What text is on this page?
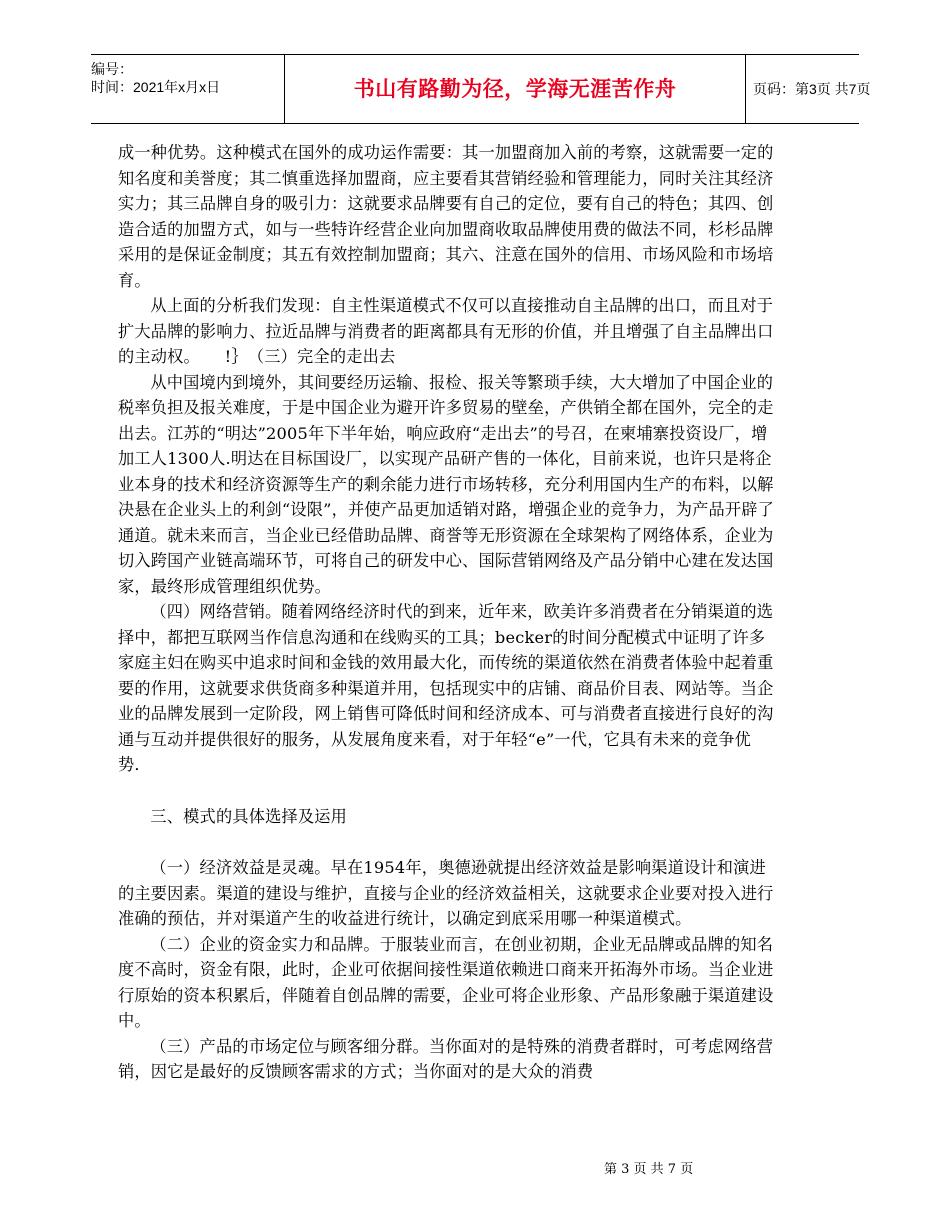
编号：
时间：2021年x月x日	书山有路勤为径，学海无涯苦作舟	页码：第3页 共7页

成一种优势。这种模式在国外的成功运作需要：其一加盟商加入前的考察，这就需要一定的知名度和美誉度；其二慎重选择加盟商，应主要看其营销经验和管理能力，同时关注其经济实力；其三品牌自身的吸引力：这就要求品牌要有自己的定位，要有自己的特色；其四、创造合适的加盟方式，如与一些特许经营企业向加盟商收取品牌使用费的做法不同，杉杉品牌采用的是保证金制度；其五有效控制加盟商；其六、注意在国外的信用、市场风险和市场培育。

从上面的分析我们发现：自主性渠道模式不仅可以直接推动自主品牌的出口，而且对于扩大品牌的影响力、拉近品牌与消费者的距离都具有无形的价值，并且增强了自主品牌出口的主动权。　　!｝　（三）完全的走出去

从中国境内到境外，其间要经历运输、报检、报关等繁琐手续，大大增加了中国企业的税率负担及报关难度，于是中国企业为避开许多贸易的壁垒，产供销全都在国外，完全的走出去。江苏的“明达”2005年下半年始，响应政府“走出去”的号召，在柬埔寨投资设厂，增加工人1300人.明达在目标国设厂，以实现产品研产售的一体化，目前来说，也许只是将企业本身的技术和经济资源等生产的剩余能力进行市场转移，充分利用国内生产的布料，以解决悬在企业头上的利剑“设限”，并使产品更加适销对路，增强企业的竞争力，为产品开辟了通道。就未来而言，当企业已经借助品牌、商誉等无形资源在全球架构了网络体系，企业为切入跨国产业链高端环节，可将自己的研发中心、国际营销网络及产品分销中心建在发达国家，最终形成管理组织优势。

（四）网络营销。随着网络经济时代的到来，近年来，欧美许多消费者在分销渠道的选择中，都把互联网当作信息沟通和在线购买的工具；becker的时间分配模式中证明了许多家庭主妇在购买中追求时间和金钱的效用最大化，而传统的渠道依然在消费者体验中起着重要的作用，这就要求供货商多种渠道并用，包括现实中的店铺、商品价目表、网站等。当企业的品牌发展到一定阶段，网上销售可降低时间和经济成本、可与消费者直接进行良好的沟通与互动并提供很好的服务，从发展角度来看，对于年轻“e”一代，它具有未来的竞争优势．

三、模式的具体选择及运用

（一）经济效益是灵魂。早在1954年，奥德逊就提出经济效益是影响渠道设计和演进的主要因素。渠道的建设与维护，直接与企业的经济效益相关，这就要求企业要对投入进行准确的预估，并对渠道产生的收益进行统计，以确定到底采用哪一种渠道模式。

（二）企业的资金实力和品牌。于服装业而言，在创业初期，企业无品牌或品牌的知名度不高时，资金有限，此时，企业可依据间接性渠道依赖进口商来开拓海外市场。当企业进行原始的资本积累后，伴随着自创品牌的需要，企业可将企业形象、产品形象融于渠道建设中。

（三）产品的市场定位与顾客细分群。当你面对的是特殊的消费者群时，可考虑网络营销，因它是最好的反馈顾客需求的方式；当你面对的是大众的消费

第 3 页 共 7 页
